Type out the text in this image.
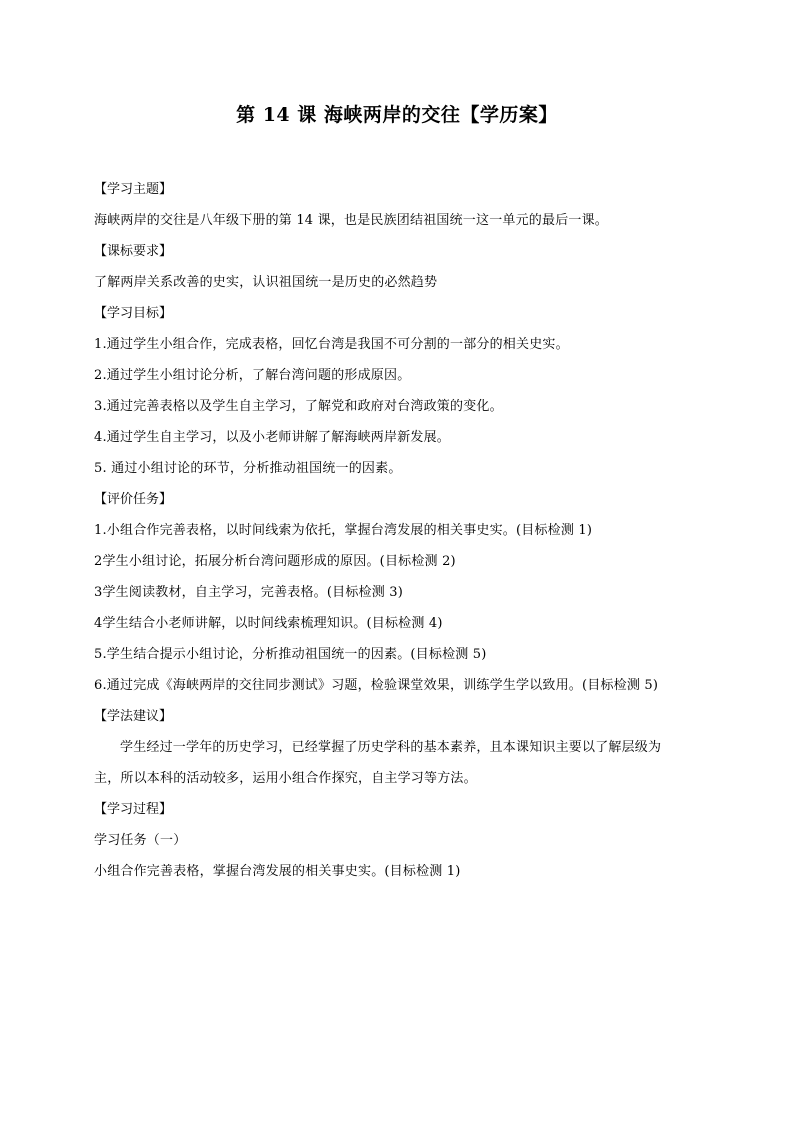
第 14 课 海峡两岸的交往【学历案】
【学习主题】
海峡两岸的交往是八年级下册的第 14 课，也是民族团结祖国统一这一单元的最后一课。
【课标要求】
了解两岸关系改善的史实，认识祖国统一是历史的必然趋势
【学习目标】
1.通过学生小组合作，完成表格，回忆台湾是我国不可分割的一部分的相关史实。
2.通过学生小组讨论分析，了解台湾问题的形成原因。
3.通过完善表格以及学生自主学习，了解党和政府对台湾政策的变化。
4.通过学生自主学习，以及小老师讲解了解海峡两岸新发展。
5. 通过小组讨论的环节，分析推动祖国统一的因素。
【评价任务】
1.小组合作完善表格，以时间线索为依托，掌握台湾发展的相关事史实。(目标检测 1)
2学生小组讨论，拓展分析台湾问题形成的原因。(目标检测 2)
3学生阅读教材，自主学习，完善表格。(目标检测 3)
4学生结合小老师讲解，以时间线索梳理知识。(目标检测 4)
5.学生结合提示小组讨论，分析推动祖国统一的因素。(目标检测 5)
6.通过完成《海峡两岸的交往同步测试》习题，检验课堂效果，训练学生学以致用。(目标检测 5)
【学法建议】
学生经过一学年的历史学习，已经掌握了历史学科的基本素养，且本课知识主要以了解层级为
主，所以本科的活动较多，运用小组合作探究，自主学习等方法。
【学习过程】
学习任务（一）
小组合作完善表格，掌握台湾发展的相关事史实。(目标检测 1)
